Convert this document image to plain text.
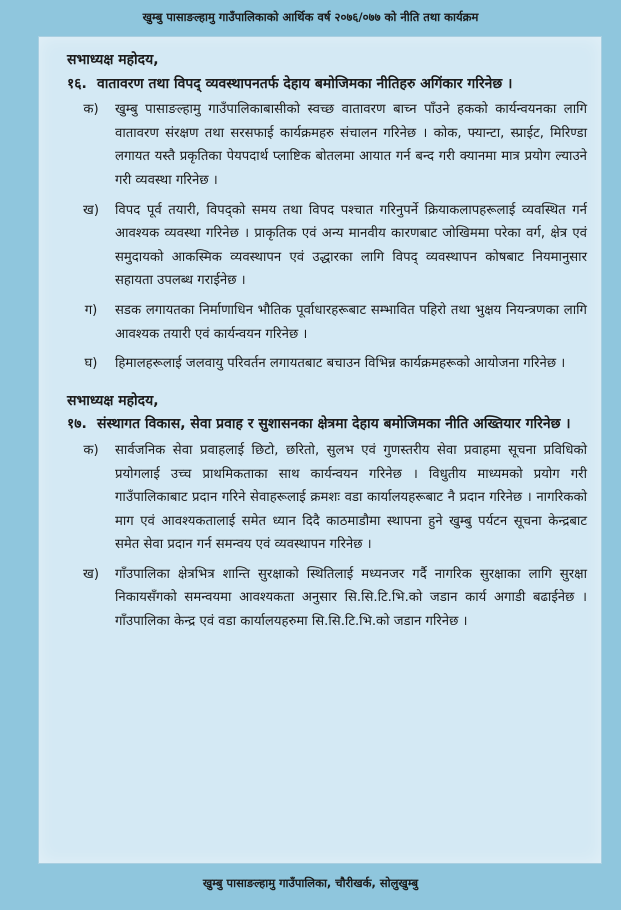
खुम्बु पासाङल्हामु गाउँपालिकाको आर्थिक वर्ष २०७६/०७७ को नीति तथा कार्यक्रम

सभाध्यक्ष महोदय,

१६. वातावरण तथा विपद् व्यवस्थापनतर्फ देहाय बमोजिमका नीतिहरु अगिंकार गरिनेछ ।
क)	खुम्बु पासाङल्हामु गाउँपालिकाबासीको स्वच्छ वातावरण बाच्न पाँउने हकको कार्यन्वयनका लागि वातावरण संरक्षण तथा सरसफाई कार्यक्रमहरु संचालन गरिनेछ । कोक, फ्यान्टा, स्प्राईट, मिरिण्डा लगायत यस्तै प्रकृतिका पेयपदार्थ प्लाष्टिक बोतलमा आयात गर्न बन्द गरी क्यानमा मात्र प्रयोग ल्याउने गरी व्यवस्था गरिनेछ ।
ख)	विपद पूर्व तयारी, विपद्को समय तथा विपद पश्चात गरिनुपर्ने क्रियाकलापहरूलाई व्यवस्थित गर्न आवश्यक व्यवस्था गरिनेछ । प्राकृतिक एवं अन्य मानवीय कारणबाट जोखिममा परेका वर्ग, क्षेत्र एवं समुदायको आकस्मिक व्यवस्थापन एवं उद्धारका लागि विपद् व्यवस्थापन कोषबाट नियमानुसार सहायता उपलब्ध गराईनेछ ।
ग)	सडक लगायतका निर्माणाधिन भौतिक पूर्वाधारहरूबाट सम्भावित पहिरो तथा भुक्षय नियन्त्रणका लागि आवश्यक तयारी एवं कार्यन्वयन गरिनेछ ।
घ)	हिमालहरूलाई जलवायु परिवर्तन लगायतबाट बचाउन विभिन्न कार्यक्रमहरूको आयोजना गरिनेछ ।

सभाध्यक्ष महोदय,

१७. संस्थागत विकास, सेवा प्रवाह र सुशासनका क्षेत्रमा देहाय बमोजिमका नीति अख्तियार गरिनेछ ।
क)	सार्वजनिक सेवा प्रवाहलाई छिटो, छरितो, सुलभ एवं गुणस्तरीय सेवा प्रवाहमा सूचना प्रविधिको प्रयोगलाई उच्च प्राथमिकताका साथ कार्यन्वयन गरिनेछ । विधुतीय माध्यमको प्रयोग गरी गाउँपालिकाबाट प्रदान गरिने सेवाहरूलाई क्रमशः वडा कार्यालयहरूबाट नै प्रदान गरिनेछ । नागरिकको माग एवं आवश्यकतालाई समेत ध्यान दिदै काठमाडौमा स्थापना हुने खुम्बु पर्यटन सूचना केन्द्रबाट समेत सेवा प्रदान गर्न समन्वय एवं व्यवस्थापन गरिनेछ ।
ख)	गाँउपालिका क्षेत्रभित्र शान्ति सुरक्षाको स्थितिलाई मध्यनजर गर्दै नागरिक सुरक्षाका लागि सुरक्षा निकायसँगको समन्वयमा आवश्यकता अनुसार सि.सि.टि.भि.को जडान कार्य अगाडी बढाईनेछ । गाँउपालिका केन्द्र एवं वडा कार्यालयहरुमा सि.सि.टि.भि.को जडान गरिनेछ ।
खुम्बु पासाङल्हामु गाउँपालिका, चौरीखर्क, सोलुखुम्बु
